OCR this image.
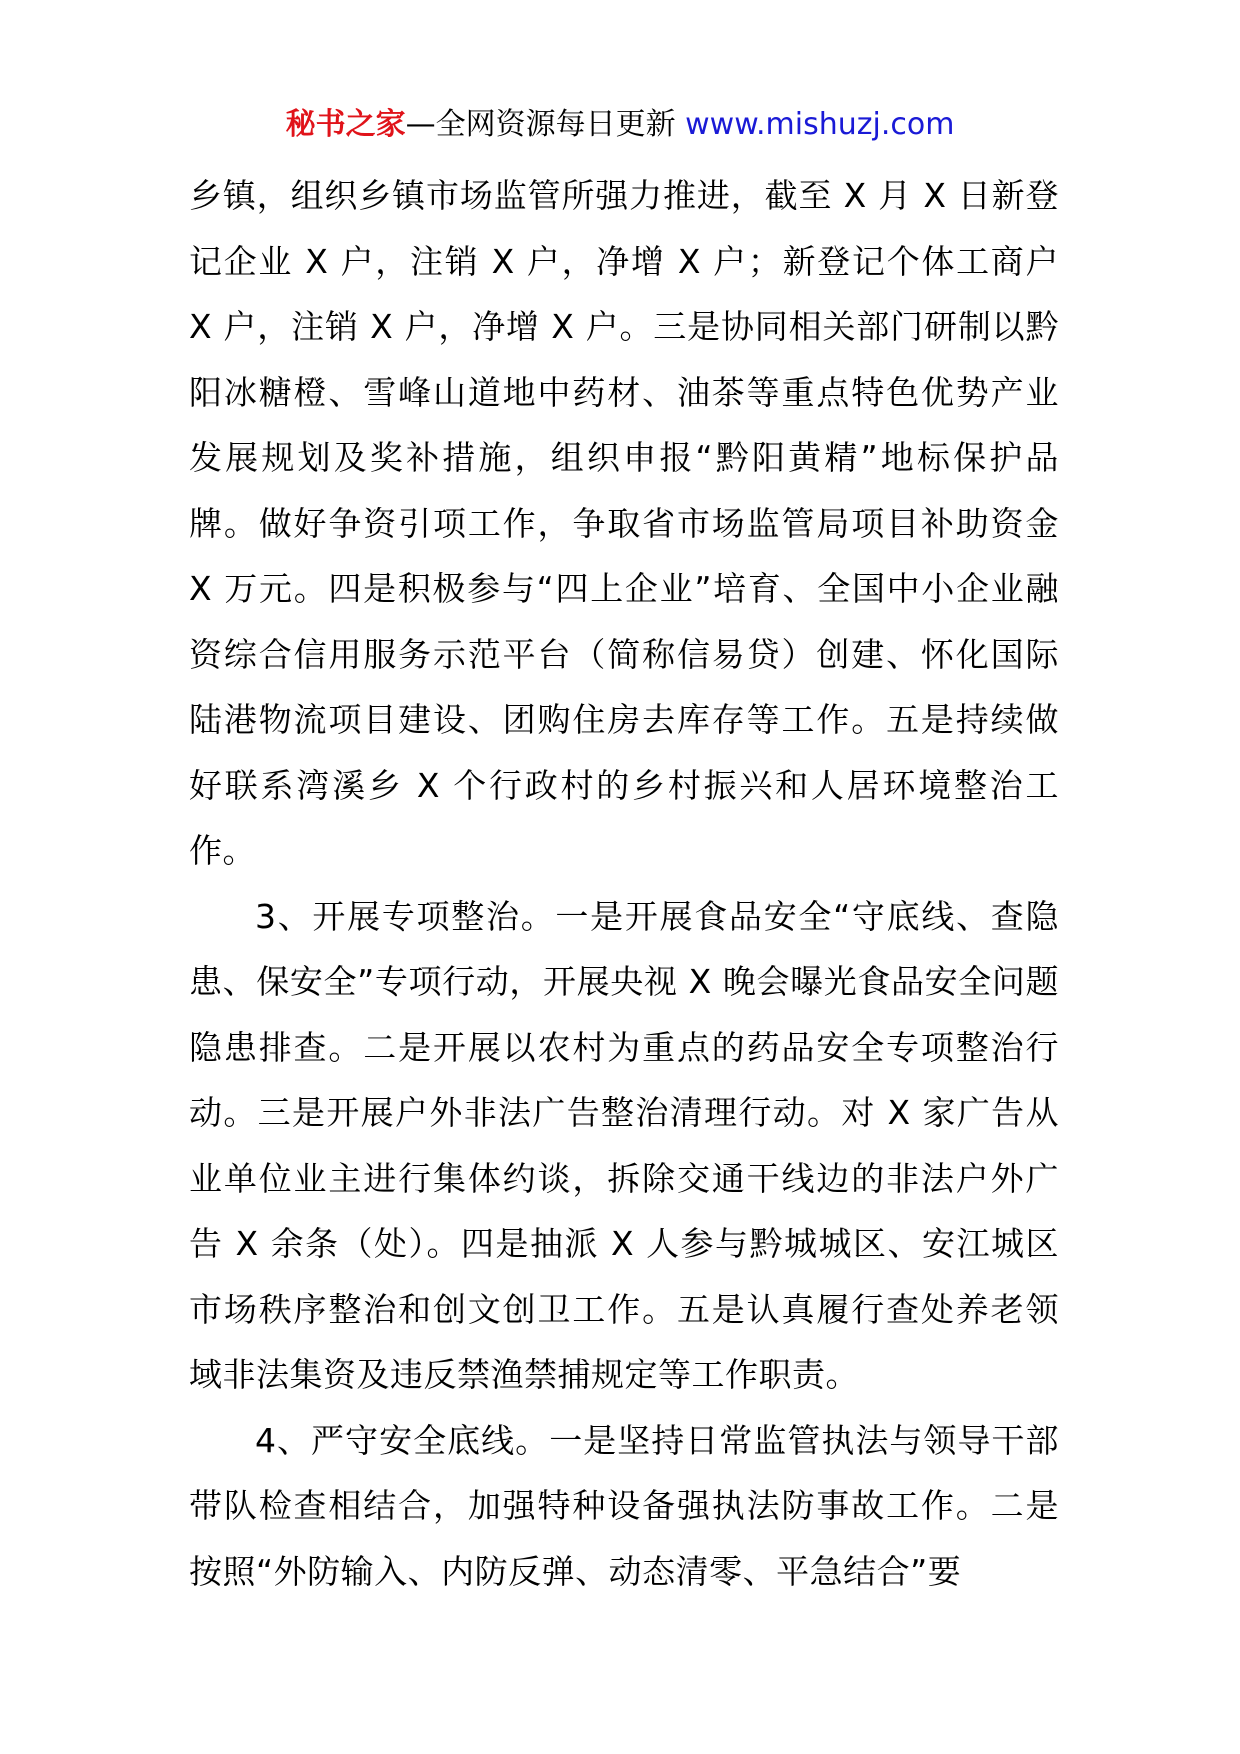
秘书之家—全网资源每日更新 www.mishuzj.com

乡镇，组织乡镇市场监管所强力推进，截至 X 月 X 日新登记企业 X 户，注销 X 户，净增 X 户；新登记个体工商户 X 户，注销 X 户，净增 X 户。三是协同相关部门研制以黔阳冰糖橙、雪峰山道地中药材、油茶等重点特色优势产业发展规划及奖补措施，组织申报“黔阳黄精”地标保护品牌。做好争资引项工作，争取省市场监管局项目补助资金 X 万元。四是积极参与“四上企业”培育、全国中小企业融资综合信用服务示范平台（简称信易贷）创建、怀化国际陆港物流项目建设、团购住房去库存等工作。五是持续做好联系湾溪乡 X 个行政村的乡村振兴和人居环境整治工作。

3、开展专项整治。一是开展食品安全“守底线、查隐患、保安全”专项行动，开展央视 X 晚会曝光食品安全问题隐患排查。二是开展以农村为重点的药品安全专项整治行动。三是开展户外非法广告整治清理行动。对 X 家广告从业单位业主进行集体约谈，拆除交通干线边的非法户外广告 X 余条（处）。四是抽派 X 人参与黔城城区、安江城区市场秩序整治和创文创卫工作。五是认真履行查处养老领域非法集资及违反禁渔禁捕规定等工作职责。

4、严守安全底线。一是坚持日常监管执法与领导干部带队检查相结合，加强特种设备强执法防事故工作。二是按照“外防输入、内防反弹、动态清零、平急结合”要
